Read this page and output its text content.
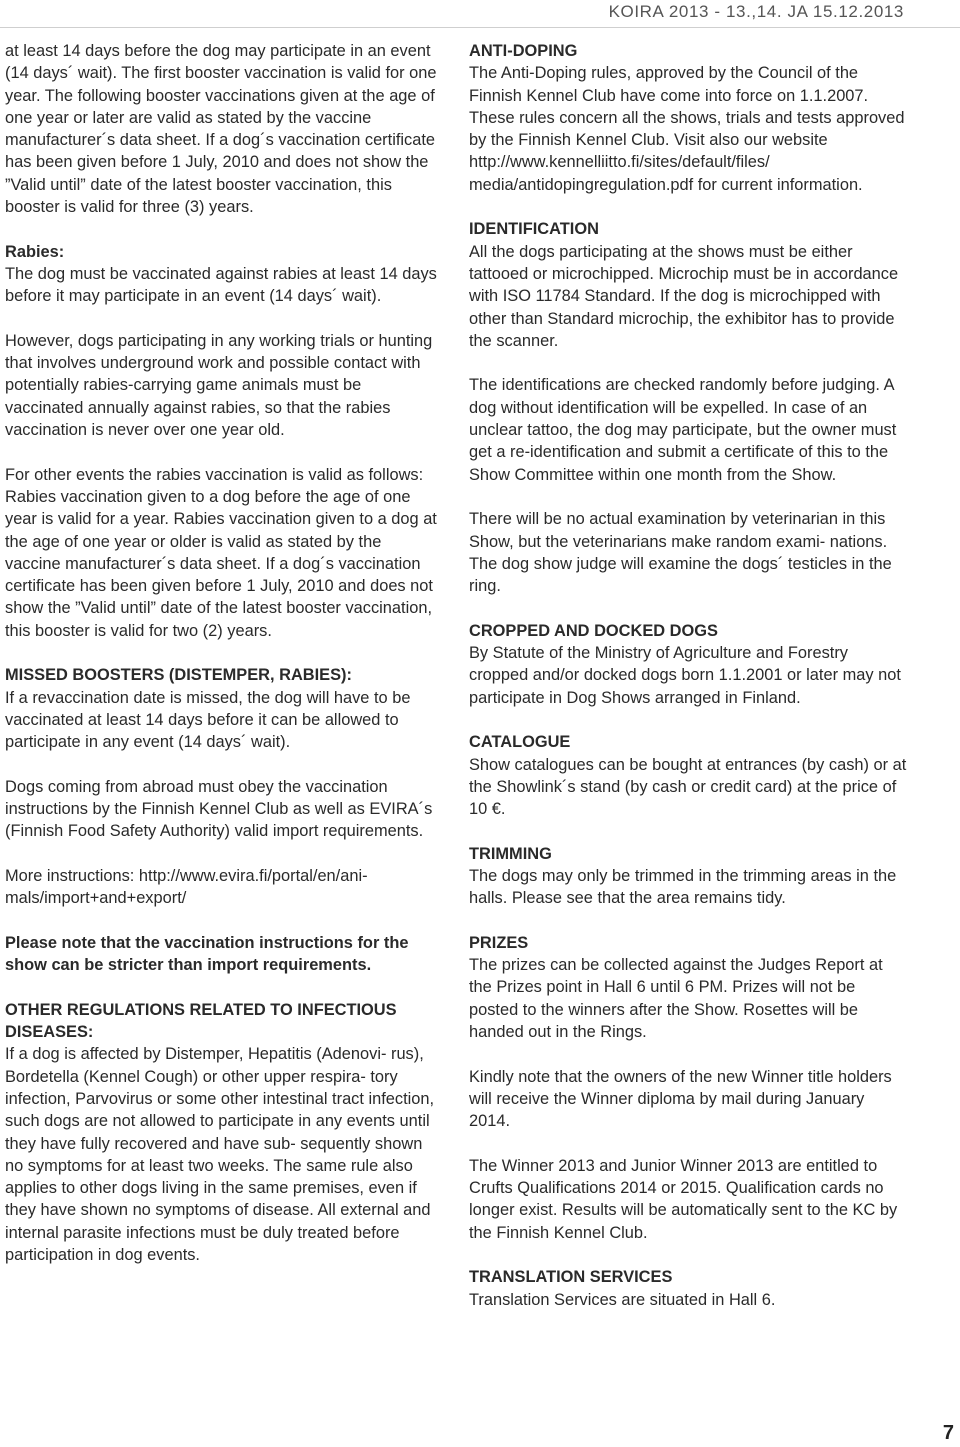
KOIRA 2013 - 13.,14. JA 15.12.2013

at least 14 days before the dog may participate in an event (14 days´ wait). The first booster vaccination is valid for one year. The following booster vaccinations given at the age of one year or later are valid as stated by the vaccine manufacturer´s data sheet. If a dog´s vaccination certificate has been given before 1 July, 2010 and does not show the ”Valid until” date of the latest booster vaccination, this booster is valid for three (3) years.

Rabies:

The dog must be vaccinated against rabies at least 14 days before it may participate in an event (14 days´ wait).

However, dogs participating in any working trials or hunting that involves underground work and possible contact with potentially rabies-carrying game animals must be vaccinated annually against rabies, so that the rabies vaccination is never over one year old.

For other events the rabies vaccination is valid as follows: Rabies vaccination given to a dog before the age of one year is valid for a year. Rabies vaccination given to a dog at the age of one year or older is valid as stated by the vaccine manufacturer´s data sheet. If a dog´s vaccination certificate has been given before 1 July, 2010 and does not show the ”Valid until” date of the latest booster vaccination, this booster is valid for two (2) years.

MISSED BOOSTERS (DISTEMPER, RABIES):

If a revaccination date is missed, the dog will have to be vaccinated at least 14 days before it can be allowed to participate in any event (14 days´ wait).

Dogs coming from abroad must obey the vaccination instructions by the Finnish Kennel Club as well as EVIRA´s (Finnish Food Safety Authority) valid import requirements.

More instructions: http://www.evira.fi/portal/en/ani- mals/import+and+export/

Please note that the vaccination instructions for the show can be stricter than import requirements.

OTHER REGULATIONS RELATED TO INFECTIOUS DISEASES:

If a dog is affected by Distemper, Hepatitis (Adenovi- rus), Bordetella (Kennel Cough) or other upper respira- tory infection, Parvovirus or some other intestinal tract infection, such dogs are not allowed to participate in any events until they have fully recovered and have sub- sequently shown no symptoms for at least two weeks. The same rule also applies to other dogs living in the same premises, even if they have shown no symptoms of disease. All external and internal parasite infections must be duly treated before participation in dog events.

ANTI-DOPING

The Anti-Doping rules, approved by the Council of the Finnish Kennel Club have come into force on 1.1.2007. These rules concern all the shows, trials and tests approved by the Finnish Kennel Club. Visit also our website http://www.kennelliitto.fi/sites/default/files/ media/antidopingregulation.pdf for current information.

IDENTIFICATION

All the dogs participating at the shows must be either tattooed or microchipped. Microchip must be in accordance with ISO 11784 Standard. If the dog is microchipped with other than Standard microchip, the exhibitor has to provide the scanner.

The identifications are checked randomly before judging. A dog without identification will be expelled. In case of an unclear tattoo, the dog may participate, but the owner must get a re-identification and submit a certificate of this to the Show Committee within one month from the Show.

There will be no actual examination by veterinarian in this Show, but the veterinarians make random exami- nations. The dog show judge will examine the dogs´ testicles in the ring.

CROPPED AND DOCKED DOGS

By Statute of the Ministry of Agriculture and Forestry cropped and/or docked dogs born 1.1.2001 or later may not participate in Dog Shows arranged in Finland.

CATALOGUE

Show catalogues can be bought at entrances (by cash) or at the Showlink´s stand (by cash or credit card) at the price of 10 €.

TRIMMING

The dogs may only be trimmed in the trimming areas in the halls. Please see that the area remains tidy.

PRIZES

The prizes can be collected against the Judges Report at the Prizes point in Hall 6 until 6 PM. Prizes will not be posted to the winners after the Show. Rosettes will be handed out in the Rings.

Kindly note that the owners of the new Winner title holders will receive the Winner diploma by mail during January 2014.

The Winner 2013 and Junior Winner 2013 are entitled to Crufts Qualifications 2014 or 2015. Qualification cards no longer exist. Results will be automatically sent to the KC by the Finnish Kennel Club.

TRANSLATION SERVICES

Translation Services are situated in Hall 6.

7
